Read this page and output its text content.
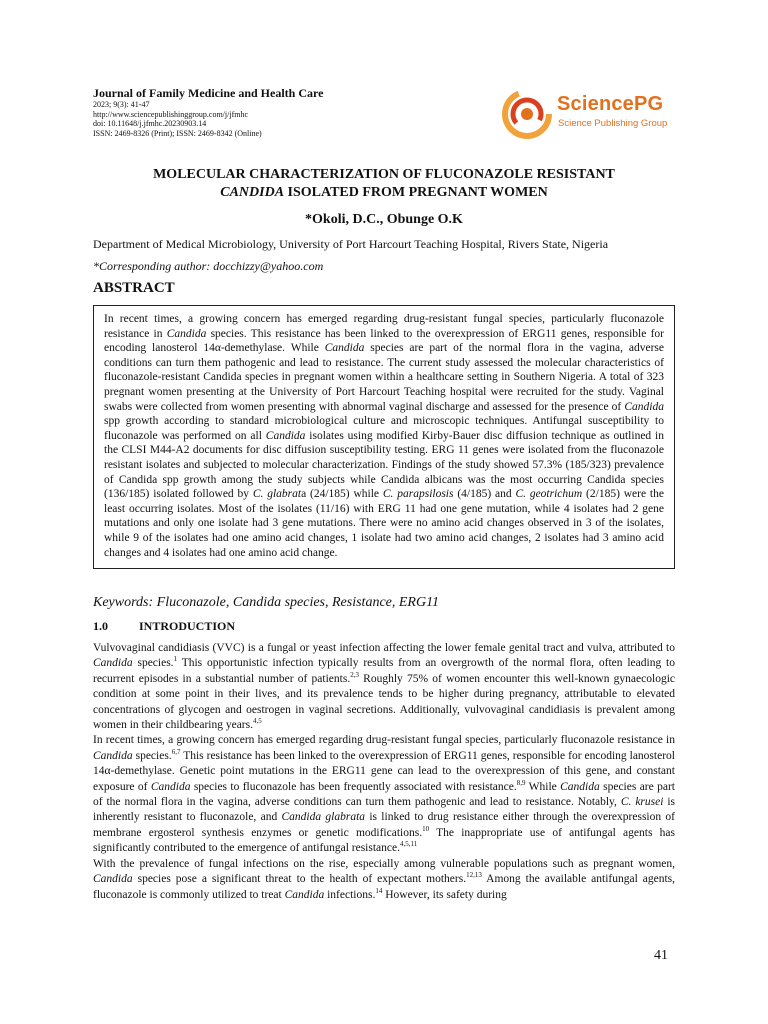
Journal of Family Medicine and Health Care
2023; 9(3): 41-47
http://www.sciencepublishinggroup.com/j/jfmhc
doi: 10.11648/j.jfmhc.20230903.14
ISSN: 2469-8326 (Print); ISSN: 2469-8342 (Online)
SciencePG
Science Publishing Group
MOLECULAR CHARACTERIZATION OF FLUCONAZOLE RESISTANT
CANDIDA ISOLATED FROM PREGNANT WOMEN
*Okoli, D.C., Obunge O.K
Department of Medical Microbiology, University of Port Harcourt Teaching Hospital, Rivers State, Nigeria
*Corresponding author: docchizzy@yahoo.com
ABSTRACT

In recent times, a growing concern has emerged regarding drug-resistant fungal species, particularly fluconazole resistance in Candida species. This resistance has been linked to the overexpression of ERG11 genes, responsible for encoding lanosterol 14α-demethylase. While Candida species are part of the normal flora in the vagina, adverse conditions can turn them pathogenic and lead to resistance. The current study assessed the molecular characteristics of fluconazole-resistant Candida species in pregnant women within a healthcare setting in Southern Nigeria. A total of 323 pregnant women presenting at the University of Port Harcourt Teaching hospital were recruited for the study. Vaginal swabs were collected from women presenting with abnormal vaginal discharge and assessed for the presence of Candida spp growth according to standard microbiological culture and microscopic techniques. Antifungal susceptibility to fluconazole was performed on all Candida isolates using modified Kirby-Bauer disc diffusion technique as outlined in the CLSI M44-A2 documents for disc diffusion susceptibility testing. ERG 11 genes were isolated from the fluconazole resistant isolates and subjected to molecular characterization. Findings of the study showed 57.3% (185/323) prevalence of Candida spp growth among the study subjects while Candida albicans was the most occurring Candida species (136/185) isolated followed by C. glabrata (24/185) while C. parapsilosis (4/185) and C. geotrichum (2/185) were the least occurring isolates. Most of the isolates (11/16) with ERG 11 had one gene mutation, while 4 isolates had 2 gene mutations and only one isolate had 3 gene mutations. There were no amino acid changes observed in 3 of the isolates, while 9 of the isolates had one amino acid changes, 1 isolate had two amino acid changes, 2 isolates had 3 amino acid changes and 4 isolates had one amino acid change.

Keywords: Fluconazole, Candida species, Resistance, ERG11
1.0	INTRODUCTION

Vulvovaginal candidiasis (VVC) is a fungal or yeast infection affecting the lower female genital tract and vulva, attributed to Candida species.$^1$ This opportunistic infection typically results from an overgrowth of the normal flora, often leading to recurrent episodes in a substantial number of patients.$^{2,3}$ Roughly 75% of women encounter this well-known gynaecologic condition at some point in their lives, and its prevalence tends to be higher during pregnancy, attributable to elevated concentrations of glycogen and oestrogen in vaginal secretions. Additionally, vulvovaginal candidiasis is prevalent among women in their childbearing years.$^{4,5}$

In recent times, a growing concern has emerged regarding drug-resistant fungal species, particularly fluconazole resistance in Candida species.$^{6,7}$ This resistance has been linked to the overexpression of ERG11 genes, responsible for encoding lanosterol 14α-demethylase. Genetic point mutations in the ERG11 gene can lead to the overexpression of this gene, and constant exposure of Candida species to fluconazole has been frequently associated with resistance.$^{8,9}$ While Candida species are part of the normal flora in the vagina, adverse conditions can turn them pathogenic and lead to resistance. Notably, C. krusei is inherently resistant to fluconazole, and Candida glabrata is linked to drug resistance either through the overexpression of membrane ergosterol synthesis enzymes or genetic modifications.$^{10}$ The inappropriate use of antifungal agents has significantly contributed to the emergence of antifungal resistance.$^{4,5,11}$

With the prevalence of fungal infections on the rise, especially among vulnerable populations such as pregnant women, Candida species pose a significant threat to the health of expectant mothers.$^{12,13}$ Among the available antifungal agents, fluconazole is commonly utilized to treat Candida infections.$^{14}$ However, its safety during

41
